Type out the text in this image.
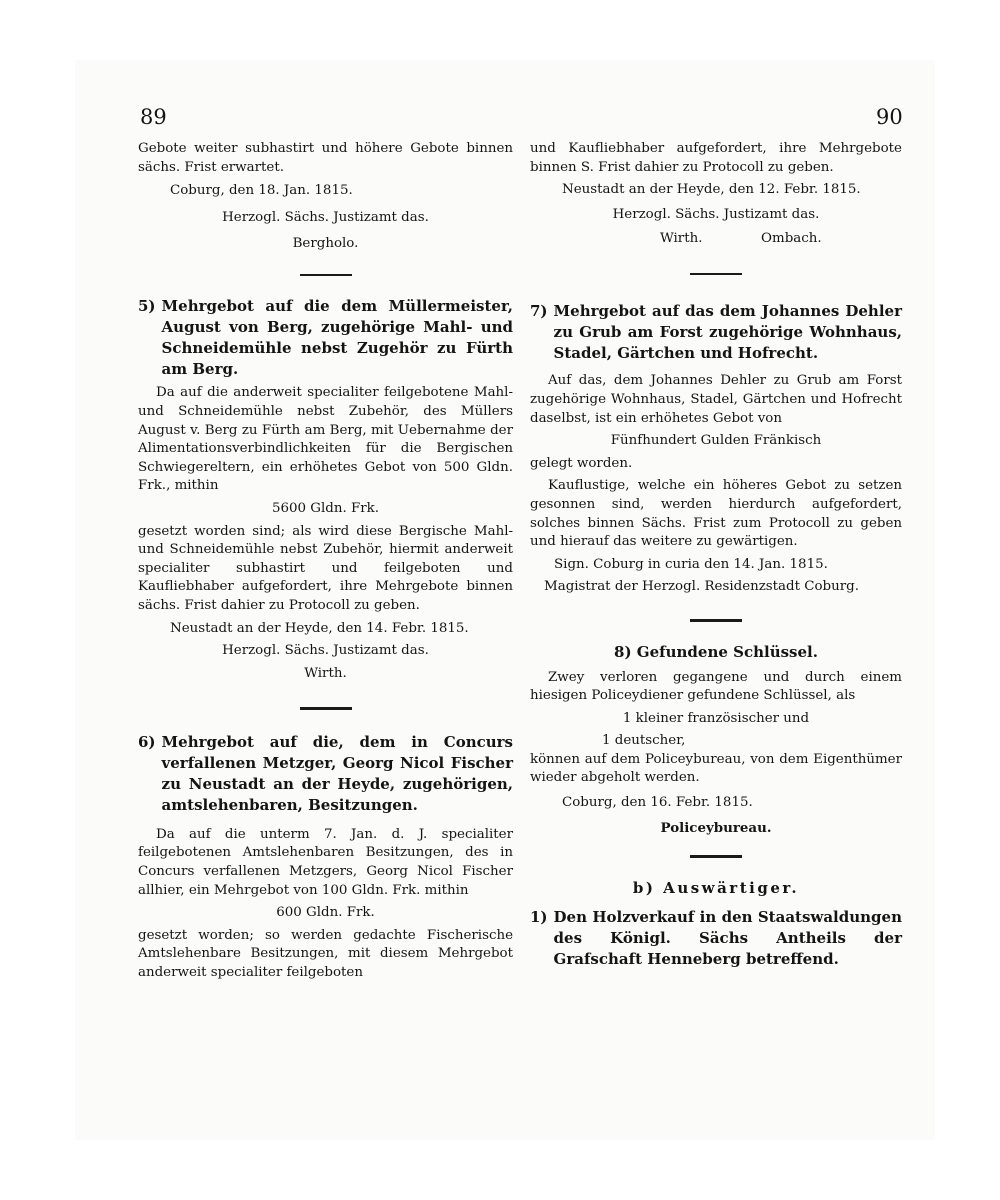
89	90

Gebote weiter subhastirt und höhere Gebote binnen sächs. Frist erwartet.

Coburg, den 18. Jan. 1815.

Herzogl. Sächs. Justizamt das.

Bergholo.

5) Mehrgebot auf die dem Müllermeister, August von Berg, zugehörige Mahl- und Schneidemühle nebst Zugehör zu Fürth am Berg.

Da auf die anderweit specialiter feilgebotene Mahl- und Schneidemühle nebst Zubehör, des Müllers August v. Berg zu Fürth am Berg, mit Uebernahme der Alimentationsverbindlichkeiten für die Bergischen Schwiegereltern, ein erhöhetes Gebot von 500 Gldn. Frk., mithin

5600 Gldn. Frk.

gesetzt worden sind; als wird diese Bergische Mahl- und Schneidemühle nebst Zubehör, hiermit anderweit specialiter subhastirt und feilgeboten und Kaufliebhaber aufgefordert, ihre Mehrgebote binnen sächs. Frist dahier zu Protocoll zu geben.

Neustadt an der Heyde, den 14. Febr. 1815.

Herzogl. Sächs. Justizamt das.

Wirth.

6) Mehrgebot auf die, dem in Concurs verfallenen Metzger, Georg Nicol Fischer zu Neustadt an der Heyde, zugehörigen, amtslehenbaren, Besitzungen.

Da auf die unterm 7. Jan. d. J. specialiter feilgebotenen Amtslehenbaren Besitzungen, des in Concurs verfallenen Metzgers, Georg Nicol Fischer allhier, ein Mehrgebot von 100 Gldn. Frk. mithin

600 Gldn. Frk.

gesetzt worden; so werden gedachte Fischerische Amtslehenbare Besitzungen, mit diesem Mehrgebot anderweit specialiter feilgeboten

und Kaufliebhaber aufgefordert, ihre Mehrgebote binnen S. Frist dahier zu Protocoll zu geben.

Neustadt an der Heyde, den 12. Febr. 1815.

Herzogl. Sächs. Justizamt das.

Wirth.	Ombach.

7) Mehrgebot auf das dem Johannes Dehler zu Grub am Forst zugehörige Wohnhaus, Stadel, Gärtchen und Hofrecht.

Auf das, dem Johannes Dehler zu Grub am Forst zugehörige Wohnhaus, Stadel, Gärtchen und Hofrecht daselbst, ist ein erhöhetes Gebot von

Fünfhundert Gulden Fränkisch

gelegt worden.

Kauflustige, welche ein höheres Gebot zu setzen gesonnen sind, werden hierdurch aufgefordert, solches binnen Sächs. Frist zum Protocoll zu geben und hierauf das weitere zu gewärtigen.

Sign. Coburg in curia den 14. Jan. 1815.

Magistrat der Herzogl. Residenzstadt Coburg.

8) Gefundene Schlüssel.

Zwey verloren gegangene und durch einem hiesigen Policeydiener gefundene Schlüssel, als

1 kleiner französischer und

1 deutscher,

können auf dem Policeybureau, von dem Eigenthümer wieder abgeholt werden.

Coburg, den 16. Febr. 1815.

Policeybureau.

b) Auswärtiger.

1) Den Holzverkauf in den Staatswaldungen des Königl. Sächs Antheils der Grafschaft Henneberg betreffend.
